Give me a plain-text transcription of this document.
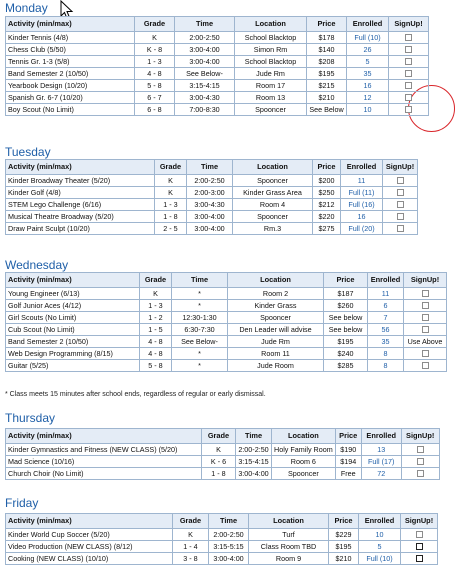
Monday
Activity (min/max)	Grade	Time	Location	Price	Enrolled	SignUp!
Kinder Tennis (4/8)	K	2:00-2:50	School Blacktop	$178	Full (10)	
Chess Club (5/50)	K - 8	3:00-4:00	Simon Rm	$140	26	
Tennis Gr. 1-3 (5/8)	1 - 3	3:00-4:00	School Blacktop	$208	5	
Band Semester 2 (10/50)	4 - 8	See Below-	Jude Rm	$195	35	
Yearbook Design (10/20)	5 - 8	3:15-4:15	Room 17	$215	16	
Spanish Gr. 6-7 (10/20)	6 - 7	3:00-4:30	Room 13	$210	12	
Boy Scout (No Limit)	6 - 8	7:00-8:30	Spooncer	See Below	10	
Tuesday
Activity (min/max)	Grade	Time	Location	Price	Enrolled	SignUp!
Kinder Broadway Theater (5/20)	K	2:00-2:50	Spooncer	$200	11	
Kinder Golf (4/8)	K	2:00-3:00	Kinder Grass Area	$250	Full (11)	
STEM Lego Challenge (6/16)	1 - 3	3:00-4:30	Room 4	$212	Full (16)	
Musical Theatre Broadway (5/20)	1 - 8	3:00-4:00	Spooncer	$220	16	
Draw Paint Sculpt (10/20)	2 - 5	3:00-4:00	Rm.3	$275	Full (20)	
Wednesday
Activity (min/max)	Grade	Time	Location	Price	Enrolled	SignUp!
Young Engineer (6/13)	K	*	Room 2	$187	11	
Golf Junior Aces (4/12)	1 - 3	*	Kinder Grass	$260	6	
Girl Scouts (No Limit)	1 - 2	12:30-1:30	Spooncer	See below	7	
Cub Scout (No Limit)	1 - 5	6:30-7:30	Den Leader will advise	See below	56	
Band Semester 2 (10/50)	4 - 8	See Below-	Jude Rm	$195	35	Use Above
Web Design Programming (8/15)	4 - 8	*	Room 11	$240	8	
Guitar (5/25)	5 - 8	*	Jude Room	$285	8	

* Class meets 15 minutes after school ends, regardless of regular or early dismissal.

Thursday
Activity (min/max)	Grade	Time	Location	Price	Enrolled	SignUp!
Kinder Gymnastics and Fitness (NEW CLASS) (5/20)	K	2:00-2:50	Holy Family Room	$190	13	
Mad Science (10/16)	K - 6	3:15-4:15	Room 6	$194	Full (17)	
Church Choir (No Limit)	1 - 8	3:00-4:00	Spooncer	Free	72	
Friday
Activity (min/max)	Grade	Time	Location	Price	Enrolled	SignUp!
Kinder World Cup Soccer (5/20)	K	2:00-2:50	Turf	$229	10	
Video Production (NEW CLASS) (8/12)	1 - 4	3:15-5:15	Class Room TBD	$195	5	
Cooking (NEW CLASS) (10/10)	3 - 8	3:00-4:00	Room 9	$210	Full (10)	
